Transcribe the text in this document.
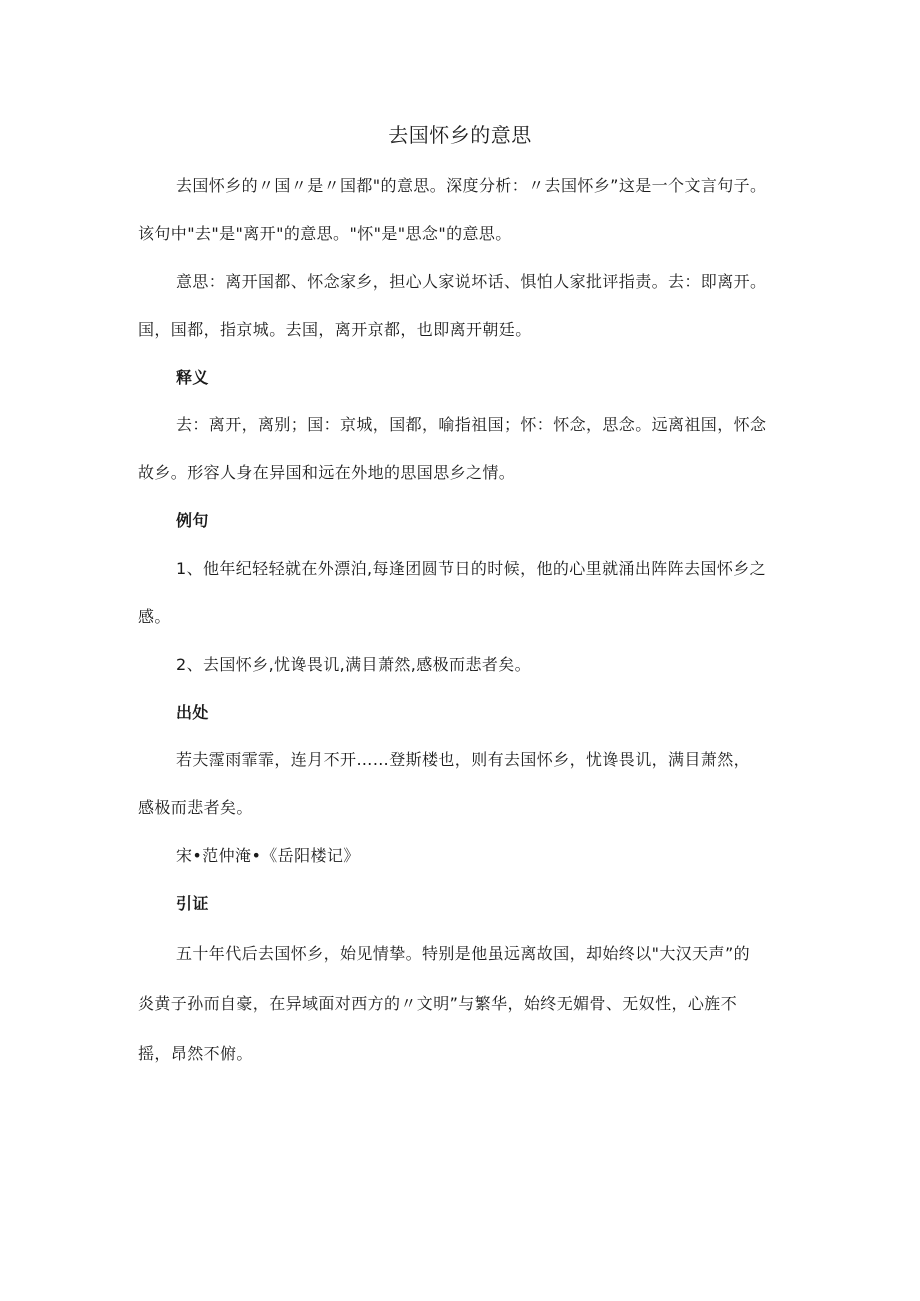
去国怀乡的意思
去国怀乡的〃国〃是〃国都"的意思。深度分析：〃去国怀乡”这是一个文言句子。
该句中"去"是"离开"的意思。"怀"是"思念"的意思。
意思：离开国都、怀念家乡，担心人家说坏话、惧怕人家批评指责。去：即离开。
国，国都，指京城。去国，离开京都，也即离开朝廷。
释义
去：离开，离别；国：京城，国都，喻指祖国；怀：怀念，思念。远离祖国，怀念
故乡。形容人身在异国和远在外地的思国思乡之情。
例句
1、他年纪轻轻就在外漂泊,每逢团圆节日的时候，他的心里就涌出阵阵去国怀乡之
感。
2、去国怀乡,忧谗畏讥,满目萧然,感极而悲者矣。
出处
若夫霪雨霏霏，连月不开……登斯楼也，则有去国怀乡，忧谗畏讥，满目萧然，
感极而悲者矣。
宋•范仲淹•《岳阳楼记》
引证
五十年代后去国怀乡，始见情挚。特别是他虽远离故国，却始终以"大汉天声”的
炎黄子孙而自豪，在异域面对西方的〃文明”与繁华，始终无媚骨、无奴性，心旌不
摇，昂然不俯。
